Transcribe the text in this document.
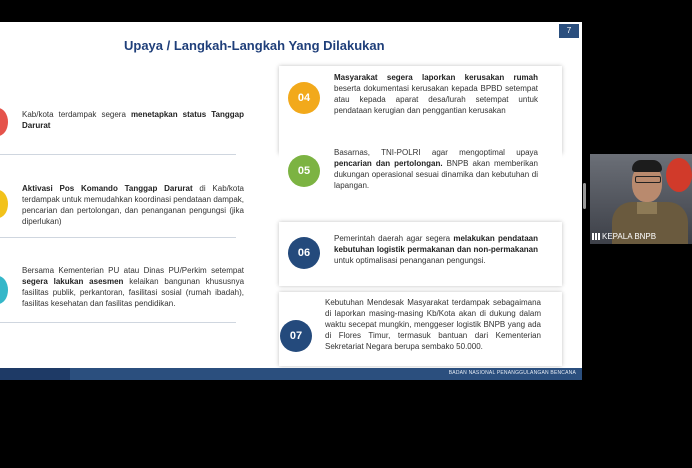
Upaya / Langkah-Langkah Yang Dilakukan
7
Kab/kota terdampak segera menetapkan status Tanggap Darurat
Aktivasi Pos Komando Tanggap Darurat di Kab/kota terdampak untuk memudahkan koordinasi pendataan dampak, pencarian dan pertolongan, dan penanganan pengungsi (jika diperlukan)
Bersama Kementerian PU atau Dinas PU/Perkim setempat segera lakukan asesmen kelaikan bangunan khususnya fasilitas publik, perkantoran, fasilitasi sosial (rumah ibadah), fasilitas kesehatan dan fasilitas pendidikan.
04
Masyarakat segera laporkan kerusakan rumah beserta dokumentasi kerusakan kepada BPBD setempat atau kepada aparat desa/lurah setempat untuk pendataan kerugian dan penggantian kerusakan
05
Basarnas, TNI-POLRI agar mengoptimal upaya pencarian dan pertolongan. BNPB akan memberikan dukungan operasional sesuai dinamika dan kebutuhan di lapangan.
06
Pemerintah daerah agar segera melakukan pendataan kebutuhan logistik permakanan dan non-permakanan untuk optimalisasi penanganan pengungsi.
07
Kebutuhan Mendesak Masyarakat terdampak sebagaimana di laporkan masing-masing Kb/Kota akan di dukung dalam waktu secepat mungkin, menggeser logistik BNPB yang ada di Flores Timur, termasuk bantuan dari Kementerian Sekretariat Negara berupa sembako 50.000.
BADAN NASIONAL PENANGGULANGAN BENCANA
KEPALA BNPB
